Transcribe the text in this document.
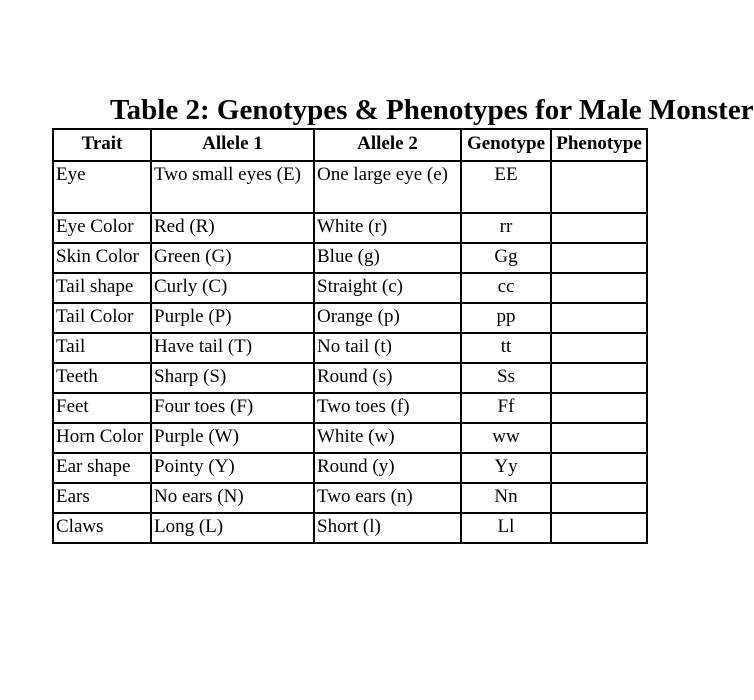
Table 2: Genotypes & Phenotypes for Male Monster
Trait	Allele 1	Allele 2	Genotype	Phenotype
Eye	Two small eyes (E)	One large eye (e)	EE	
Eye Color	Red (R)	White (r)	rr	
Skin Color	Green (G)	Blue (g)	Gg	
Tail shape	Curly (C)	Straight (c)	cc	
Tail Color	Purple (P)	Orange (p)	pp	
Tail	Have tail (T)	No tail (t)	tt	
Teeth	Sharp (S)	Round (s)	Ss	
Feet	Four toes (F)	Two toes (f)	Ff	
Horn Color	Purple (W)	White (w)	ww	
Ear shape	Pointy (Y)	Round (y)	Yy	
Ears	No ears (N)	Two ears (n)	Nn	
Claws	Long (L)	Short (l)	Ll	
